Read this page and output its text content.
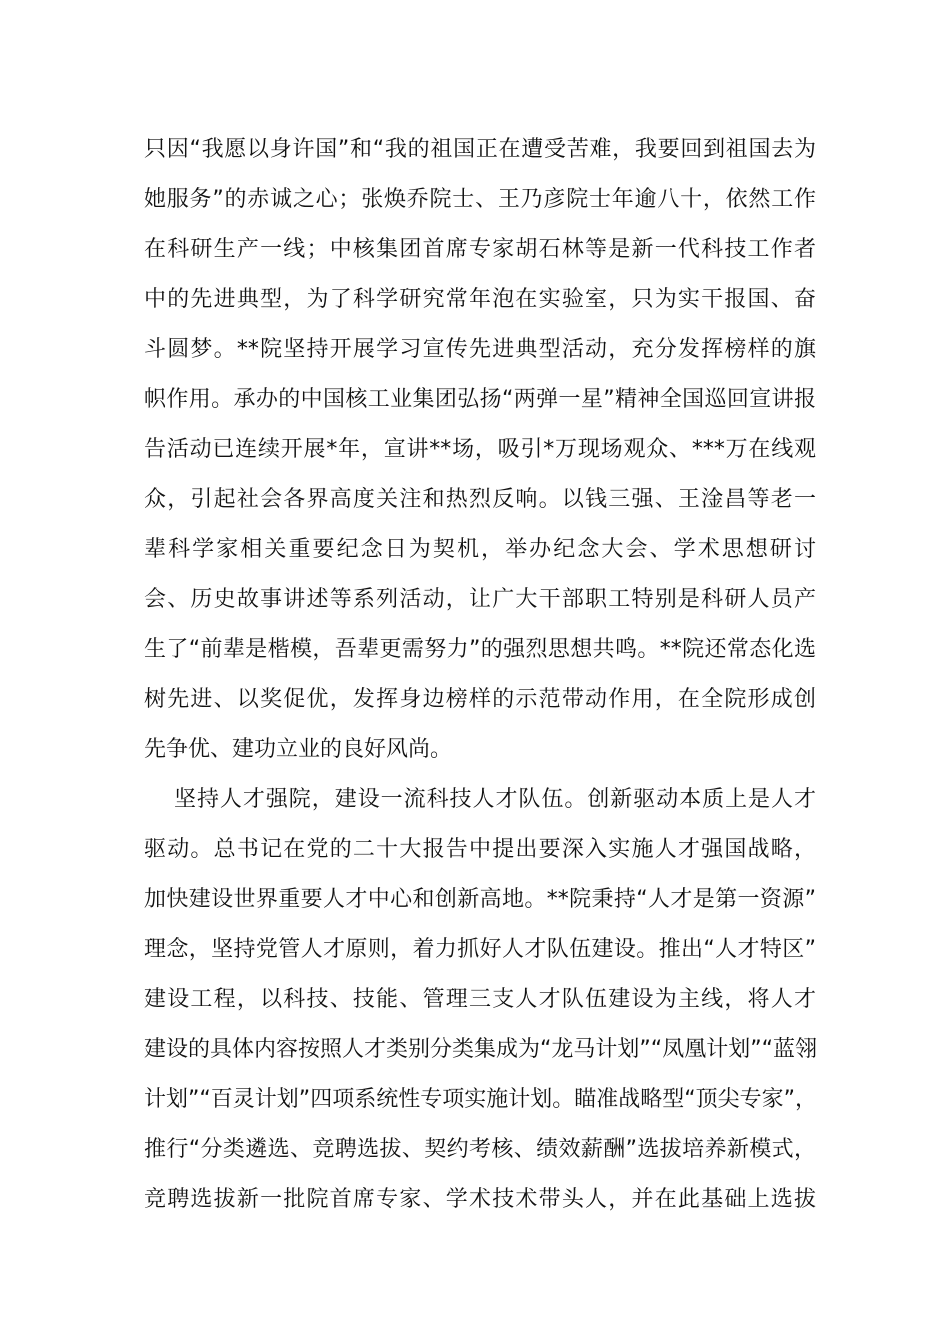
只因“我愿以身许国”和“我的祖国正在遭受苦难，我要回到祖国去为
她服务”的赤诚之心；张焕乔院士、王乃彦院士年逾八十，依然工作
在科研生产一线；中核集团首席专家胡石林等是新一代科技工作者
中的先进典型，为了科学研究常年泡在实验室，只为实干报国、奋
斗圆梦。**院坚持开展学习宣传先进典型活动，充分发挥榜样的旗
帜作用。承办的中国核工业集团弘扬“两弹一星”精神全国巡回宣讲报
告活动已连续开展*年，宣讲**场，吸引*万现场观众、***万在线观
众，引起社会各界高度关注和热烈反响。以钱三强、王淦昌等老一
辈科学家相关重要纪念日为契机，举办纪念大会、学术思想研讨
会、历史故事讲述等系列活动，让广大干部职工特别是科研人员产
生了“前辈是楷模，吾辈更需努力”的强烈思想共鸣。**院还常态化选
树先进、以奖促优，发挥身边榜样的示范带动作用，在全院形成创
先争优、建功立业的良好风尚。
坚持人才强院，建设一流科技人才队伍。创新驱动本质上是人才
驱动。总书记在党的二十大报告中提出要深入实施人才强国战略，
加快建设世界重要人才中心和创新高地。**院秉持“人才是第一资源”
理念，坚持党管人才原则，着力抓好人才队伍建设。推出“人才特区”
建设工程，以科技、技能、管理三支人才队伍建设为主线，将人才
建设的具体内容按照人才类别分类集成为“龙马计划”“凤凰计划”“蓝翎
计划”“百灵计划”四项系统性专项实施计划。瞄准战略型“顶尖专家”，
推行“分类遴选、竞聘选拔、契约考核、绩效薪酬”选拔培养新模式，
竞聘选拔新一批院首席专家、学术技术带头人，并在此基础上选拔
